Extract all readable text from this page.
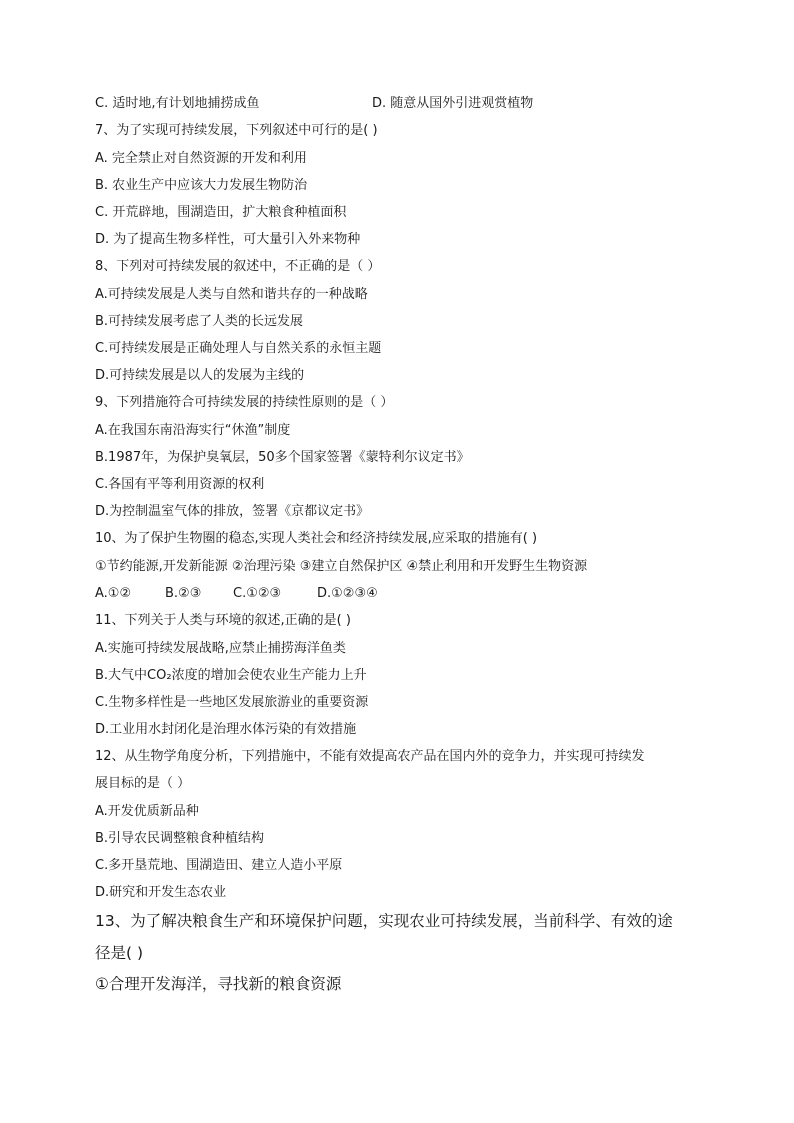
C. 适时地,有计划地捕捞成鱼	D. 随意从国外引进观赏植物
7、为了实现可持续发展，下列叙述中可行的是( )
A. 完全禁止对自然资源的开发和利用
B. 农业生产中应该大力发展生物防治
C. 开荒辟地，围湖造田，扩大粮食种植面积
D. 为了提高生物多样性，可大量引入外来物种
8、下列对可持续发展的叙述中，不正确的是（ ）
A.可持续发展是人类与自然和谐共存的一种战略
B.可持续发展考虑了人类的长远发展
C.可持续发展是正确处理人与自然关系的永恒主题
D.可持续发展是以人的发展为主线的
9、下列措施符合可持续发展的持续性原则的是（ ）
A.在我国东南沿海实行“休渔”制度
B.1987年，为保护臭氧层，50多个国家签署《蒙特利尔议定书》
C.各国有平等利用资源的权利
D.为控制温室气体的排放，签署《京都议定书》
10、为了保护生物圈的稳态,实现人类社会和经济持续发展,应采取的措施有( )
①节约能源,开发新能源 ②治理污染 ③建立自然保护区 ④禁止利用和开发野生生物资源
A.①②	B.②③ C.①②③	D.①②③④
11、下列关于人类与环境的叙述,正确的是( )
A.实施可持续发展战略,应禁止捕捞海洋鱼类
B.大气中CO₂浓度的增加会使农业生产能力上升
C.生物多样性是一些地区发展旅游业的重要资源
D.工业用水封闭化是治理水体污染的有效措施
12、从生物学角度分析，下列措施中，不能有效提高农产品在国内外的竞争力，并实现可持续发
展目标的是（ ）
A.开发优质新品种
B.引导农民调整粮食种植结构
C.多开垦荒地、围湖造田、建立人造小平原
D.研究和开发生态农业
13、为了解决粮食生产和环境保护问题，实现农业可持续发展，当前科学、有效的途
径是( )
①合理开发海洋，寻找新的粮食资源
